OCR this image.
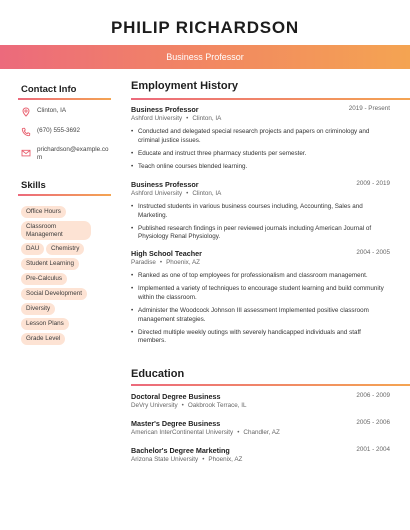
PHILIP RICHARDSON
Business Professor
Contact Info
Clinton, IA
(670) 555-3692
prichardson@example.com
Skills
Office Hours
Classroom Management
DAU	Chemistry
Student Learning
Pre-Calculus
Social Development
Diversity
Lesson Plans
Grade Level
Employment History
Business Professor	2019 - Present
Ashford University • Clinton, IA
• Conducted and delegated special research projects and papers on criminology and criminal justice issues.
• Educate and instruct three pharmacy students per semester.
• Teach online courses blended learning.
Business Professor	2009 - 2019
Ashford University • Clinton, IA
• Instructed students in various business courses including, Accounting, Sales and Marketing.
• Published research findings in peer reviewed journals including American Journal of Physiology Renal Physiology.
High School Teacher	2004 - 2005
Paradise • Phoenix, AZ
• Ranked as one of top employees for professionalism and classroom management.
• Implemented a variety of techniques to encourage student learning and build community within the classroom.
• Administer the Woodcock Johnson III assessment Implemented positive classroom management strategies.
• Directed multiple weekly outings with severely handicapped individuals and staff members.
Education
Doctoral Degree Business	2006 - 2009
DeVry University • Oakbrook Terrace, IL
Master's Degree Business	2005 - 2006
American InterContinental University • Chandler, AZ
Bachelor's Degree Marketing	2001 - 2004
Arizona State University • Phoenix, AZ
